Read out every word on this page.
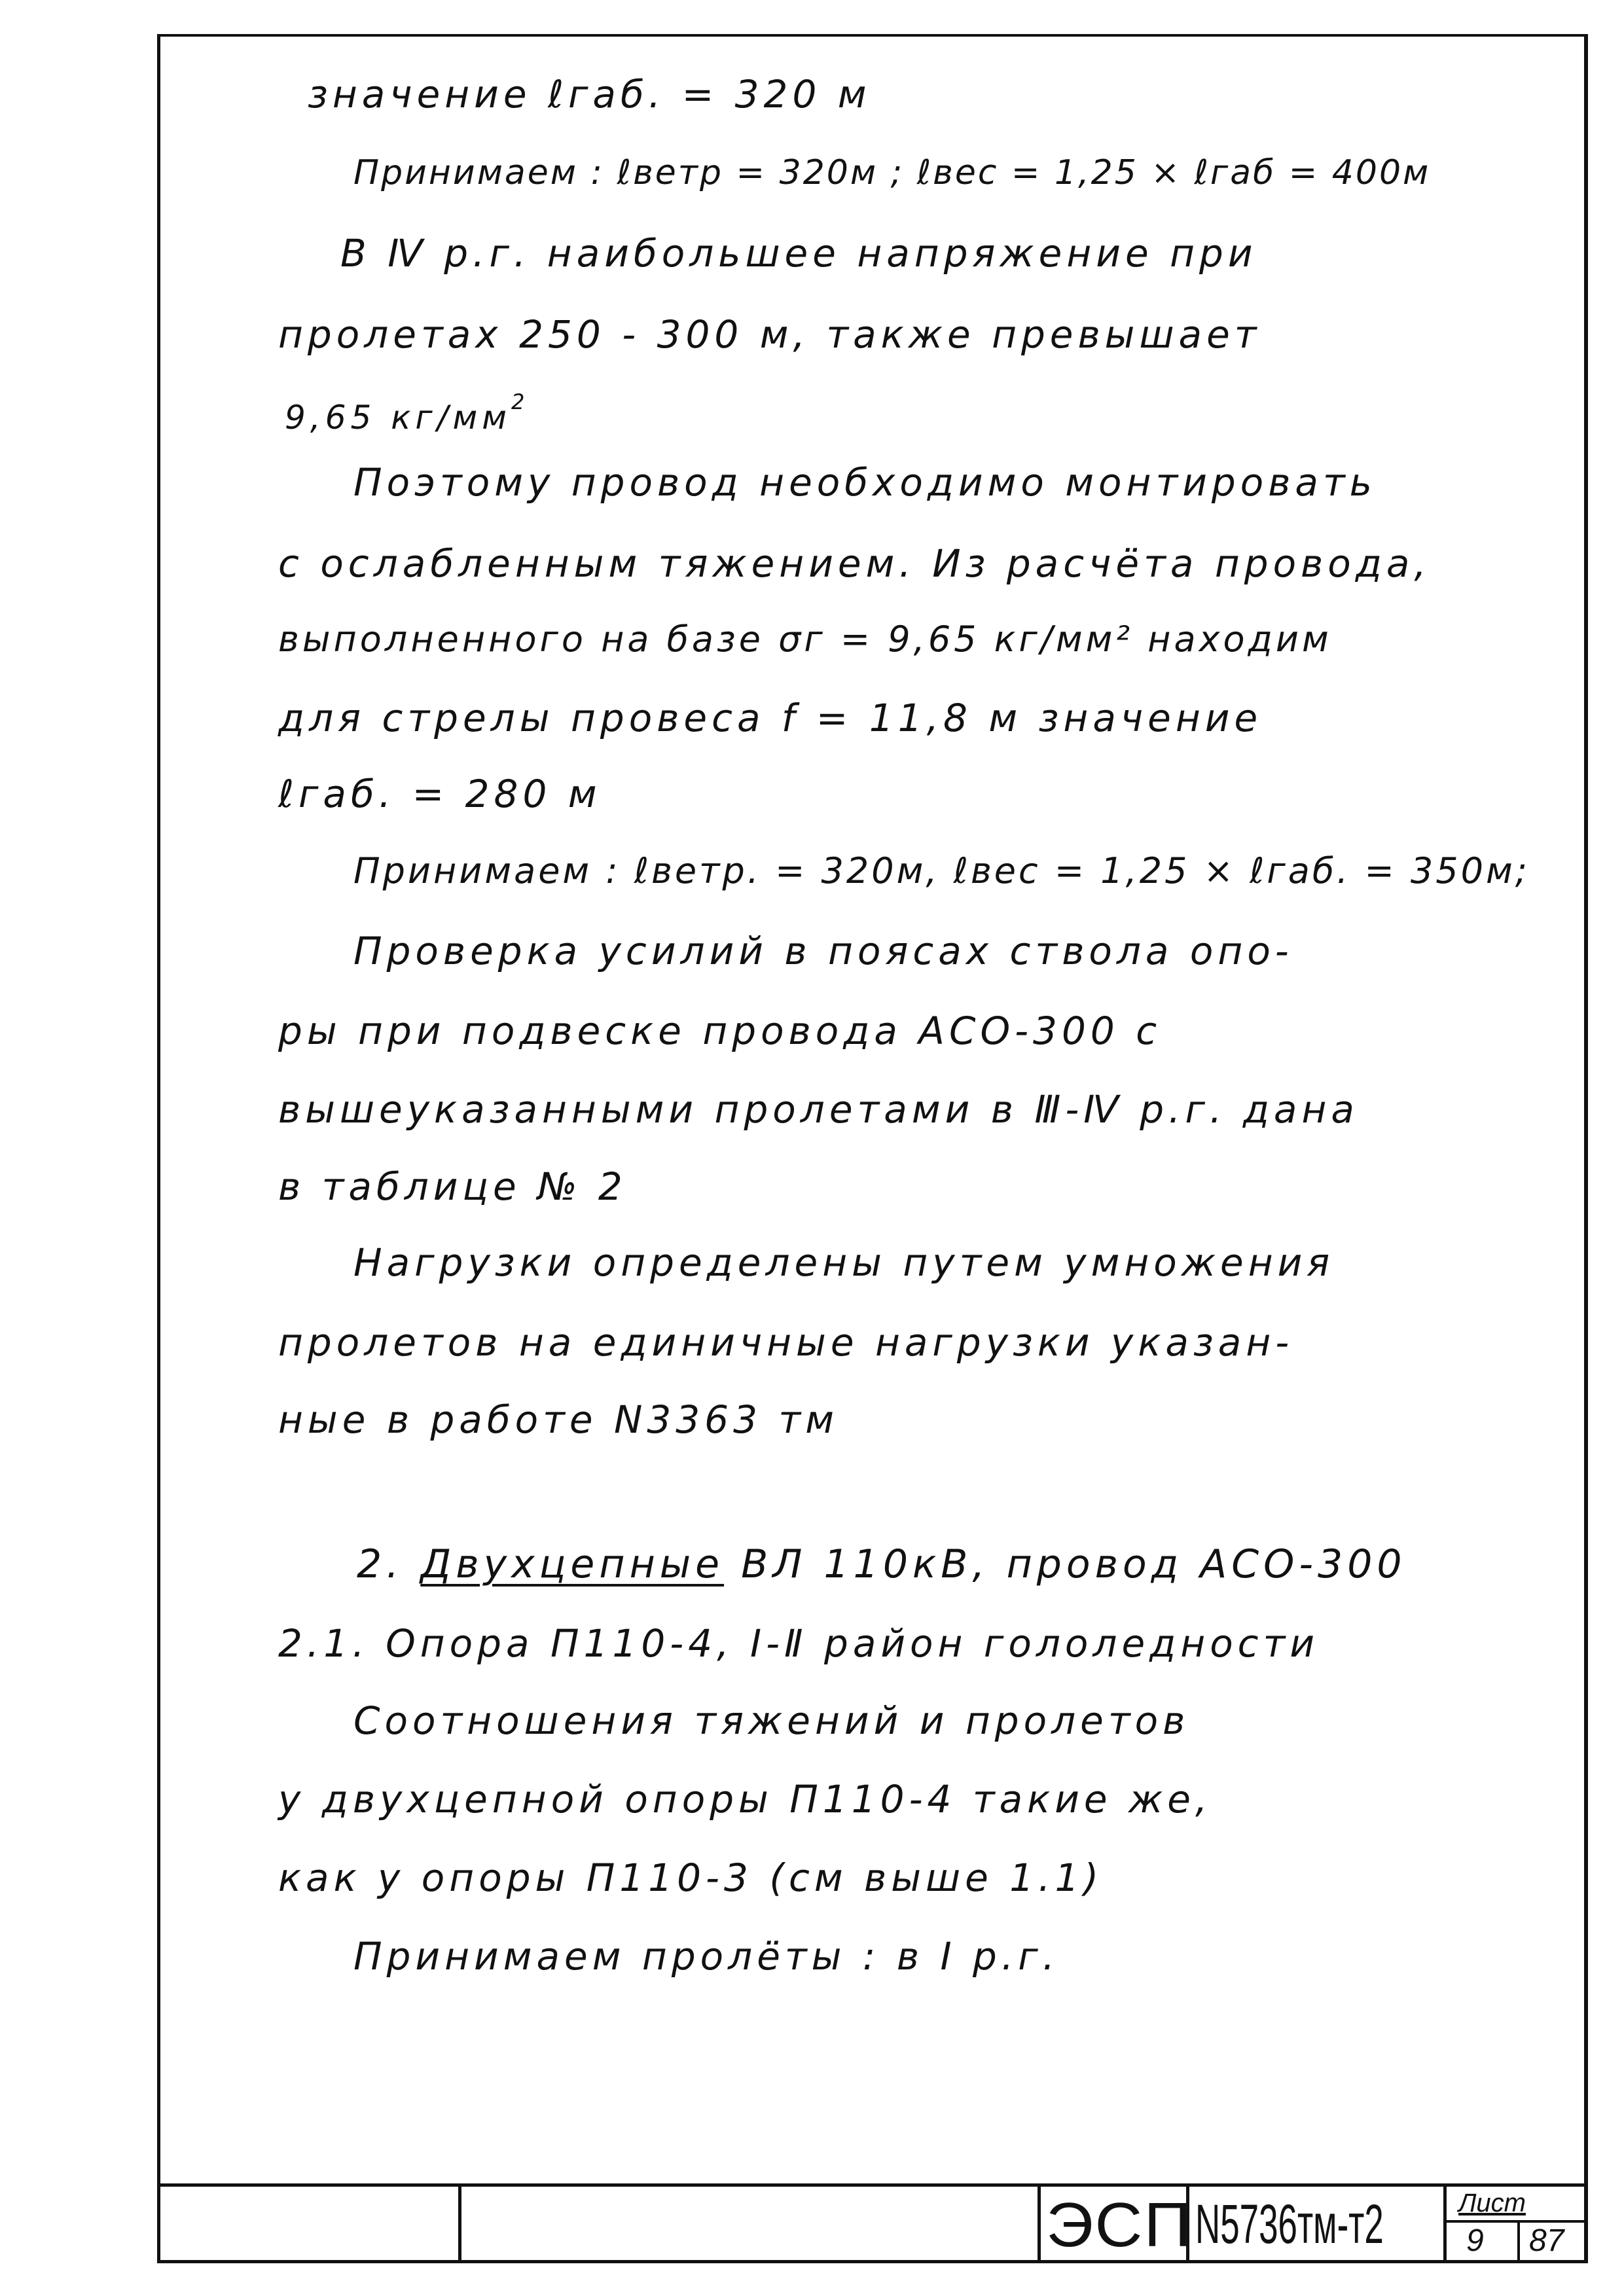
значение ℓгаб. = 320 м
Принимаем : ℓветр = 320м ; ℓвес = 1,25 × ℓгаб = 400м
В Ⅳ р.г. наибольшее напряжение при
пролетах 250 - 300 м, также превышает
9,65 $кг/мм^2$
Поэтому провод необходимо монтировать
с ослабленным тяжением. Из расчёта провода,
выполненного на базе σг = 9,65 кг/мм² находим
для стрелы провеса f = 11,8 м значение
ℓгаб. = 280 м
Принимаем : ℓветр. = 320м, ℓвес = 1,25 × ℓгаб. = 350м;
Проверка усилий в поясах ствола опо-
ры при подвеске провода АСО-300 с
вышеуказанными пролетами в Ⅲ-Ⅳ р.г. дана
в таблице № 2
Нагрузки определены путем умножения
пролетов на единичные нагрузки указан-
ные в работе N3363 тм
2. Двухцепные ВЛ 110кВ, провод АСО-300
2.1. Опора П110-4, Ⅰ-Ⅱ район гололедности
Соотношения тяжений и пролетов
у двухцепной опоры П110-4 такие же,
как у опоры П110-3 (см выше 1.1)
Принимаем пролёты : в Ⅰ р.г.
ЭСП N5736тм-т2	Лист
9 87
